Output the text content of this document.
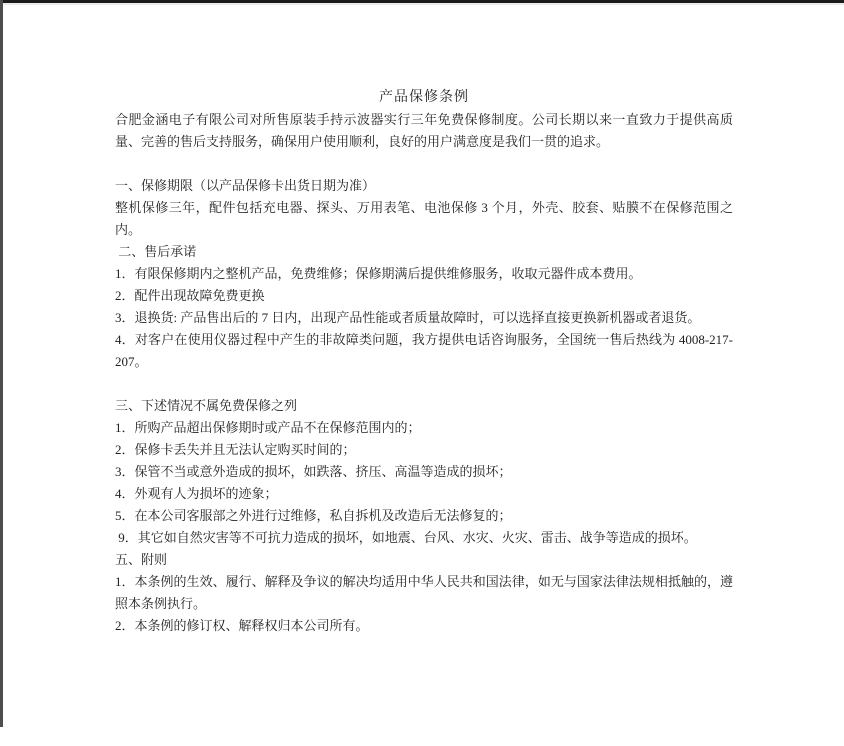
产品保修条例

合肥金涵电子有限公司对所售原装手持示波器实行三年免费保修制度。公司长期以来一直致力于提供高质量、完善的售后支持服务，确保用户使用顺利，良好的用户满意度是我们一贯的追求。

一、保修期限（以产品保修卡出货日期为准）
整机保修三年，配件包括充电器、探头、万用表笔、电池保修 3 个月，外壳、胶套、贴膜不在保修范围之内。
二、售后承诺
1．有限保修期内之整机产品，免费维修；保修期满后提供维修服务，收取元器件成本费用。
2．配件出现故障免费更换
3．退换货: 产品售出后的 7 日内，出现产品性能或者质量故障时，可以选择直接更换新机器或者退货。
4．对客户在使用仪器过程中产生的非故障类问题，我方提供电话咨询服务，全国统一售后热线为 4008-217-207。
三、下述情况不属免费保修之列
1．所购产品超出保修期时或产品不在保修范围内的；
2．保修卡丢失并且无法认定购买时间的；
3．保管不当或意外造成的损坏，如跌落、挤压、高温等造成的损坏；
4．外观有人为损坏的迹象；
5．在本公司客服部之外进行过维修，私自拆机及改造后无法修复的；
9．其它如自然灾害等不可抗力造成的损坏，如地震、台风、水灾、火灾、雷击、战争等造成的损坏。
五、附则
1．本条例的生效、履行、解释及争议的解决均适用中华人民共和国法律，如无与国家法律法规相抵触的，遵照本条例执行。
2．本条例的修订权、解释权归本公司所有。
